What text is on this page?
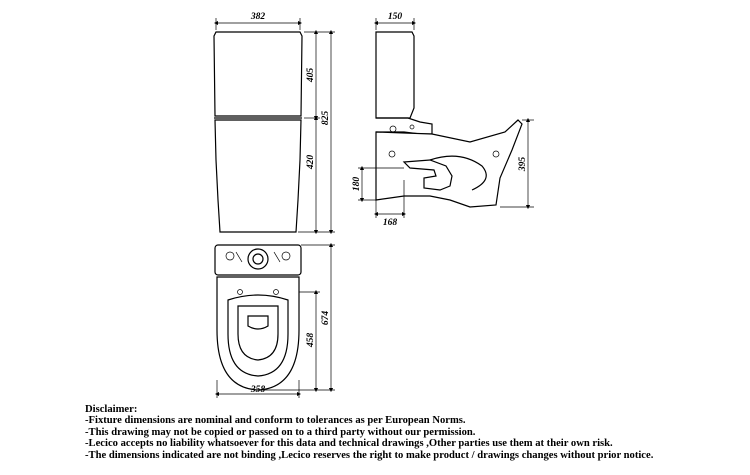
382
405
420
825
150
395
180
168
458
674
358
Disclaimer:
-Fixture dimensions are nominal and conform to tolerances as per European Norms.
-This drawing may not be copied or passed on to a third party without our permission.
-Lecico accepts no liability whatsoever for this data and technical drawings ,Other parties use them at their own risk.
-The dimensions indicated are not binding ,Lecico reserves the right to make product / drawings changes without prior notice.
